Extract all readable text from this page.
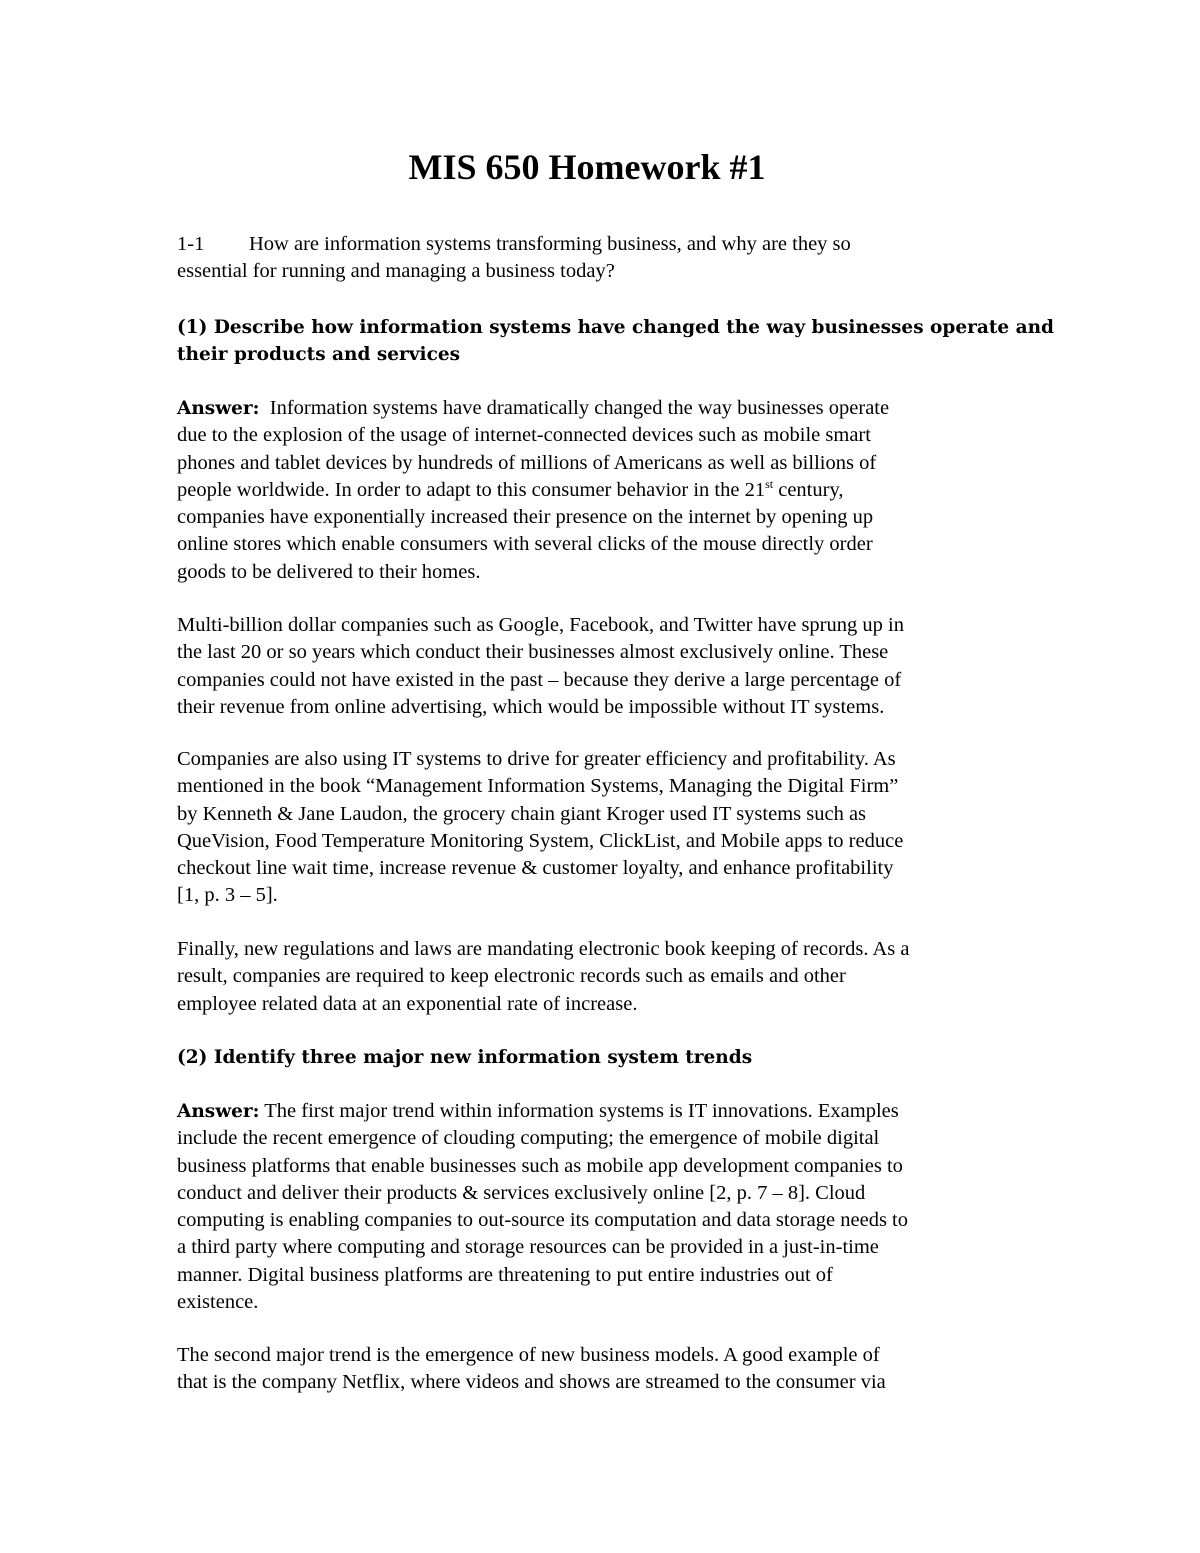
MIS 650 Homework #1

1-1 How are information systems transforming business, and why are they so
essential for running and managing a business today?

(1) Describe how information systems have changed the way businesses operate and
their products and services

Answer: Information systems have dramatically changed the way businesses operate
due to the explosion of the usage of internet-connected devices such as mobile smart
phones and tablet devices by hundreds of millions of Americans as well as billions of
people worldwide. In order to adapt to this consumer behavior in the 21st century,
companies have exponentially increased their presence on the internet by opening up
online stores which enable consumers with several clicks of the mouse directly order
goods to be delivered to their homes.

Multi-billion dollar companies such as Google, Facebook, and Twitter have sprung up in
the last 20 or so years which conduct their businesses almost exclusively online. These
companies could not have existed in the past – because they derive a large percentage of
their revenue from online advertising, which would be impossible without IT systems.

Companies are also using IT systems to drive for greater efficiency and profitability. As
mentioned in the book “Management Information Systems, Managing the Digital Firm”
by Kenneth & Jane Laudon, the grocery chain giant Kroger used IT systems such as
QueVision, Food Temperature Monitoring System, ClickList, and Mobile apps to reduce
checkout line wait time, increase revenue & customer loyalty, and enhance profitability
[1, p. 3 – 5].

Finally, new regulations and laws are mandating electronic book keeping of records. As a
result, companies are required to keep electronic records such as emails and other
employee related data at an exponential rate of increase.

(2) Identify three major new information system trends

Answer: The first major trend within information systems is IT innovations. Examples
include the recent emergence of clouding computing; the emergence of mobile digital
business platforms that enable businesses such as mobile app development companies to
conduct and deliver their products & services exclusively online [2, p. 7 – 8]. Cloud
computing is enabling companies to out-source its computation and data storage needs to
a third party where computing and storage resources can be provided in a just-in-time
manner. Digital business platforms are threatening to put entire industries out of
existence.

The second major trend is the emergence of new business models. A good example of
that is the company Netflix, where videos and shows are streamed to the consumer via
